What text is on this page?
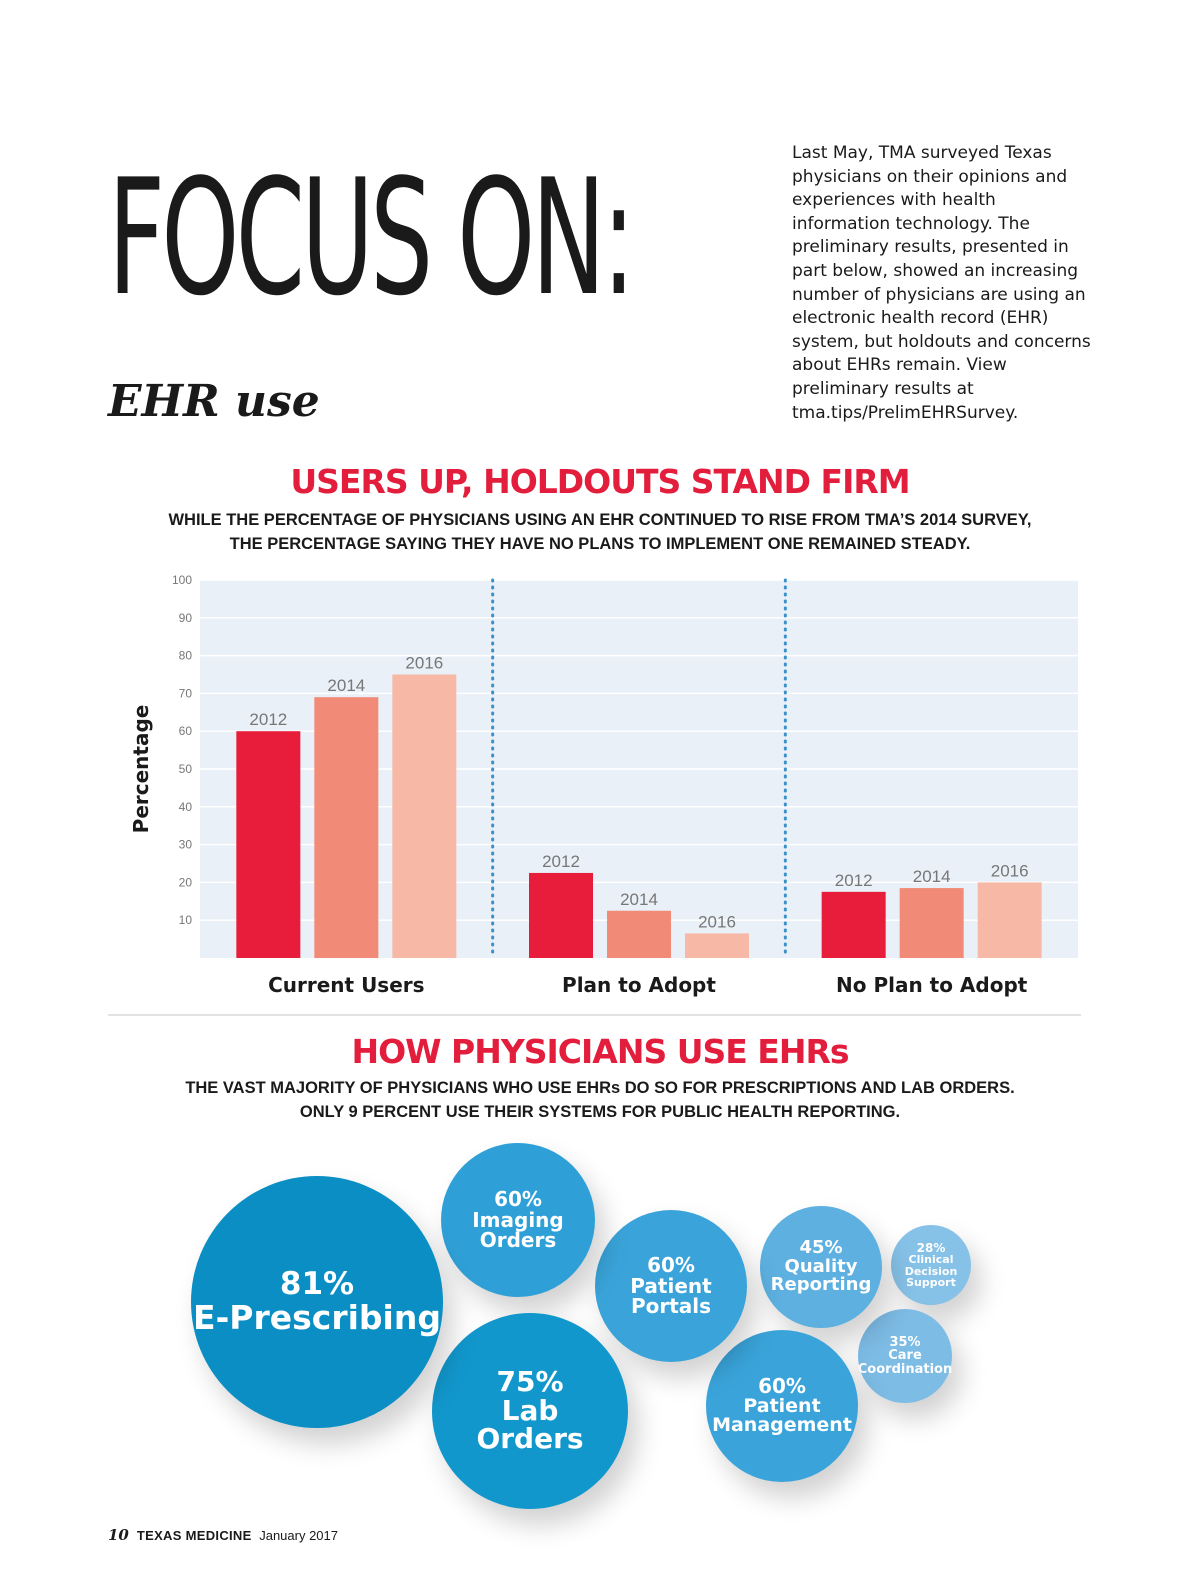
FOCUS ON:
EHR use

Last May, TMA surveyed Texas physicians on their opinions and experiences with health information technology. The preliminary results, presented in part below, showed an increasing number of physicians are using an electronic health record (EHR) system, but holdouts and concerns about EHRs remain. View preliminary results at tma.tips/PrelimEHRSurvey.

USERS UP, HOLDOUTS STAND FIRM

WHILE THE PERCENTAGE OF PHYSICIANS USING AN EHR CONTINUED TO RISE FROM TMA’S 2014 SURVEY,
THE PERCENTAGE SAYING THEY HAVE NO PLANS TO IMPLEMENT ONE REMAINED STEADY.

10
20
30
40
50
60
70
80
90
100
Percentage	2012
2014
2016
Current Users
2012
2014
2016
Plan to Adopt
2012 2014 2016
No Plan to Adopt
HOW PHYSICIANS USE EHRs

THE VAST MAJORITY OF PHYSICIANS WHO USE EHRs DO SO FOR PRESCRIPTIONS AND LAB ORDERS.
ONLY 9 PERCENT USE THEIR SYSTEMS FOR PUBLIC HEALTH REPORTING.

81%
E-Prescribing
75%
Lab
Orders
60%
Imaging
Orders
60%
Patient
Portals
60%
Patient
Management
45%
Quality
Reporting
35%
Care
Coordination
28%
Clinical
Decision
Support

10 TEXAS MEDICINE January 2017
